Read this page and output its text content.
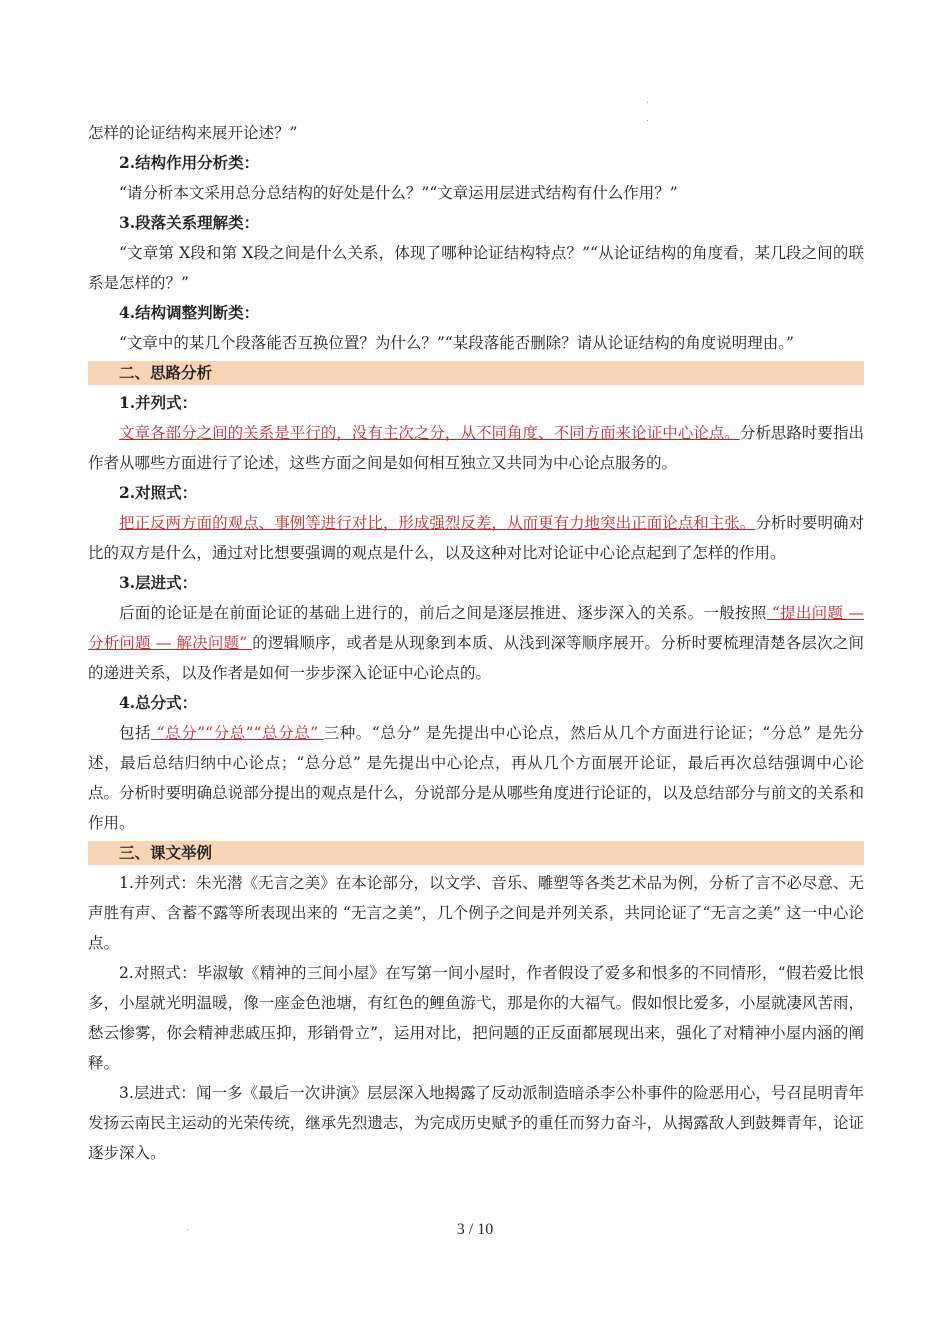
怎样的论证结构来展开论述？”

2.结构作用分析类：

“请分析本文采用总分总结构的好处是什么？”“文章运用层进式结构有什么作用？”

3.段落关系理解类：

“文章第 X段和第 X段之间是什么关系，体现了哪种论证结构特点？”“从论证结构的角度看，某几段之间的联系是怎样的？”

4.结构调整判断类：

“文章中的某几个段落能否互换位置？为什么？”“某段落能否删除？请从论证结构的角度说明理由。”

二、思路分析

1.并列式：

文章各部分之间的关系是平行的，没有主次之分，从不同角度、不同方面来论证中心论点。分析思路时要指出作者从哪些方面进行了论述，这些方面之间是如何相互独立又共同为中心论点服务的。

2.对照式：

把正反两方面的观点、事例等进行对比，形成强烈反差，从而更有力地突出正面论点和主张。分析时要明确对比的双方是什么，通过对比想要强调的观点是什么，以及这种对比对论证中心论点起到了怎样的作用。

3.层进式：

后面的论证是在前面论证的基础上进行的，前后之间是逐层推进、逐步深入的关系。一般按照 “提出问题 — 分析问题 — 解决问题” 的逻辑顺序，或者是从现象到本质、从浅到深等顺序展开。分析时要梳理清楚各层次之间的递进关系，以及作者是如何一步步深入论证中心论点的。

4.总分式：

包括 “总分”“分总”“总分总” 三种。“总分” 是先提出中心论点，然后从几个方面进行论证；“分总” 是先分述，最后总结归纳中心论点；“总分总” 是先提出中心论点，再从几个方面展开论证，最后再次总结强调中心论点。分析时要明确总说部分提出的观点是什么，分说部分是从哪些角度进行论证的，以及总结部分与前文的关系和作用。

三、课文举例

1.并列式：朱光潜《无言之美》在本论部分，以文学、音乐、雕塑等各类艺术品为例，分析了言不必尽意、无声胜有声、含蓄不露等所表现出来的 “无言之美”，几个例子之间是并列关系，共同论证了“无言之美” 这一中心论点。

2.对照式：毕淑敏《精神的三间小屋》在写第一间小屋时，作者假设了爱多和恨多的不同情形，“假若爱比恨多，小屋就光明温暖，像一座金色池塘，有红色的鲤鱼游弋，那是你的大福气。假如恨比爱多，小屋就凄风苦雨，愁云惨雾，你会精神悲戚压抑，形销骨立”，运用对比，把问题的正反面都展现出来，强化了对精神小屋内涵的阐释。

3.层进式：闻一多《最后一次讲演》层层深入地揭露了反动派制造暗杀李公朴事件的险恶用心，号召昆明青年发扬云南民主运动的光荣传统，继承先烈遗志，为完成历史赋予的重任而努力奋斗，从揭露敌人到鼓舞青年，论证逐步深入。

3 / 10
